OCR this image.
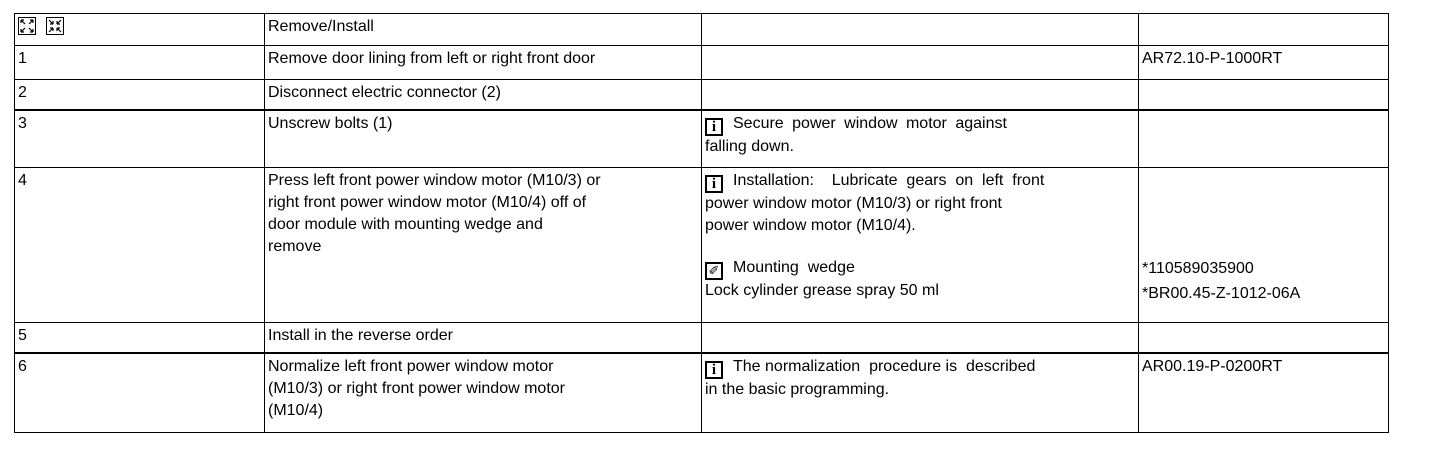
	Remove/Install		
1	Remove door lining from left or right front door		AR72.10-P-1000RT
2	Disconnect electric connector (2)		
3	Unscrew bolts (1)	i Secure power window motor against
falling down.	

4	Press left front power window motor (M10/3) or
right front power window motor (M10/4) off of
door module with mounting wedge and
remove	i Installation:    Lubricate  gears  on  left  front
power window motor (M10/3) or right front
power window motor (M10/4).
✐ Mounting  wedge
Lock cylinder grease spray 50 ml	*110589035900
*BR00.45-Z-1012-06A

5	Install in the reverse order		
6	Normalize left front power window motor
(M10/3) or right front power window motor
(M10/4)	i The normalization  procedure is  described
in the basic programming.	AR00.19-P-0200RT
